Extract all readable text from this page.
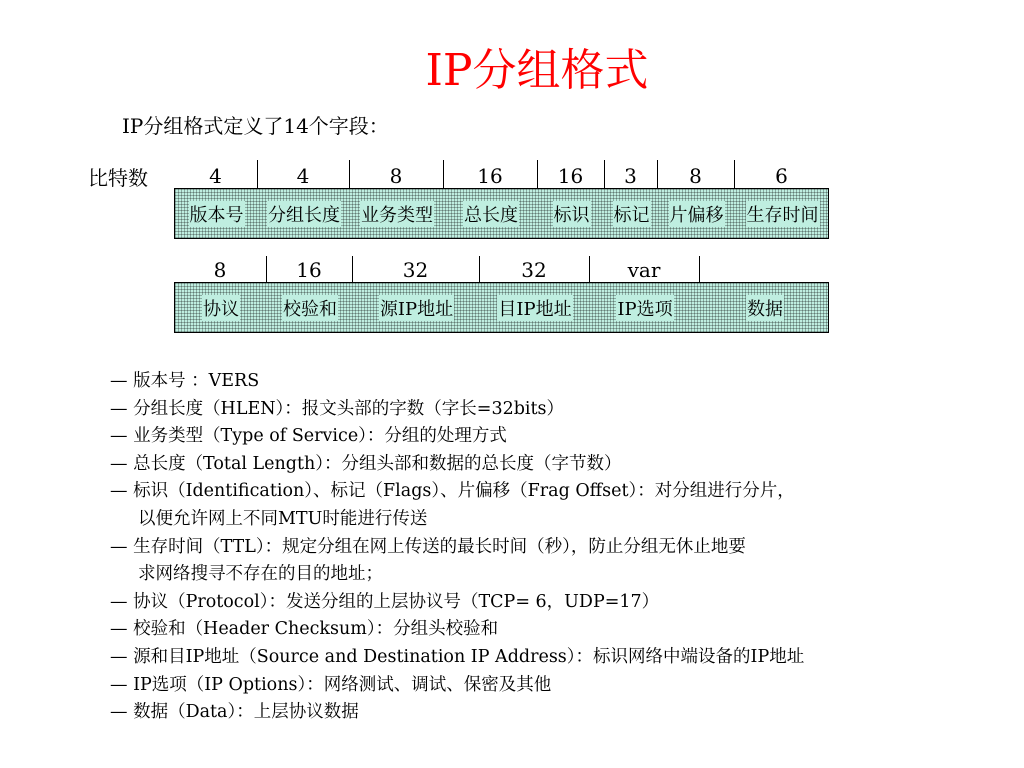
IP分组格式
IP分组格式定义了14个字段：
比特数	4	4	8	16	16	3	8	6
版本号 分组长度 业务类型 总长度 标识 标记 片偏移 生存时间
8	16	32	32	var
协议 校验和 源IP地址	目IP地址	IP选项	数据
— 版本号 ：VERS
— 分组长度（HLEN）：报文头部的字数（字长=32bits）
— 业务类型（Type of Service）：分组的处理方式
— 总长度（Total Length）：分组头部和数据的总长度（字节数）
— 标识（Identification）、标记（Flags）、片偏移（Frag Offset）：对分组进行分片，
以便允许网上不同MTU时能进行传送
— 生存时间（TTL）：规定分组在网上传送的最长时间（秒），防止分组无休止地要
求网络搜寻不存在的目的地址；
— 协议（Protocol）：发送分组的上层协议号（TCP= 6，UDP=17）
— 校验和（Header Checksum）：分组头校验和
— 源和目IP地址（Source and Destination IP Address）：标识网络中端设备的IP地址
— IP选项（IP Options）：网络测试、调试、保密及其他
— 数据（Data）：上层协议数据
